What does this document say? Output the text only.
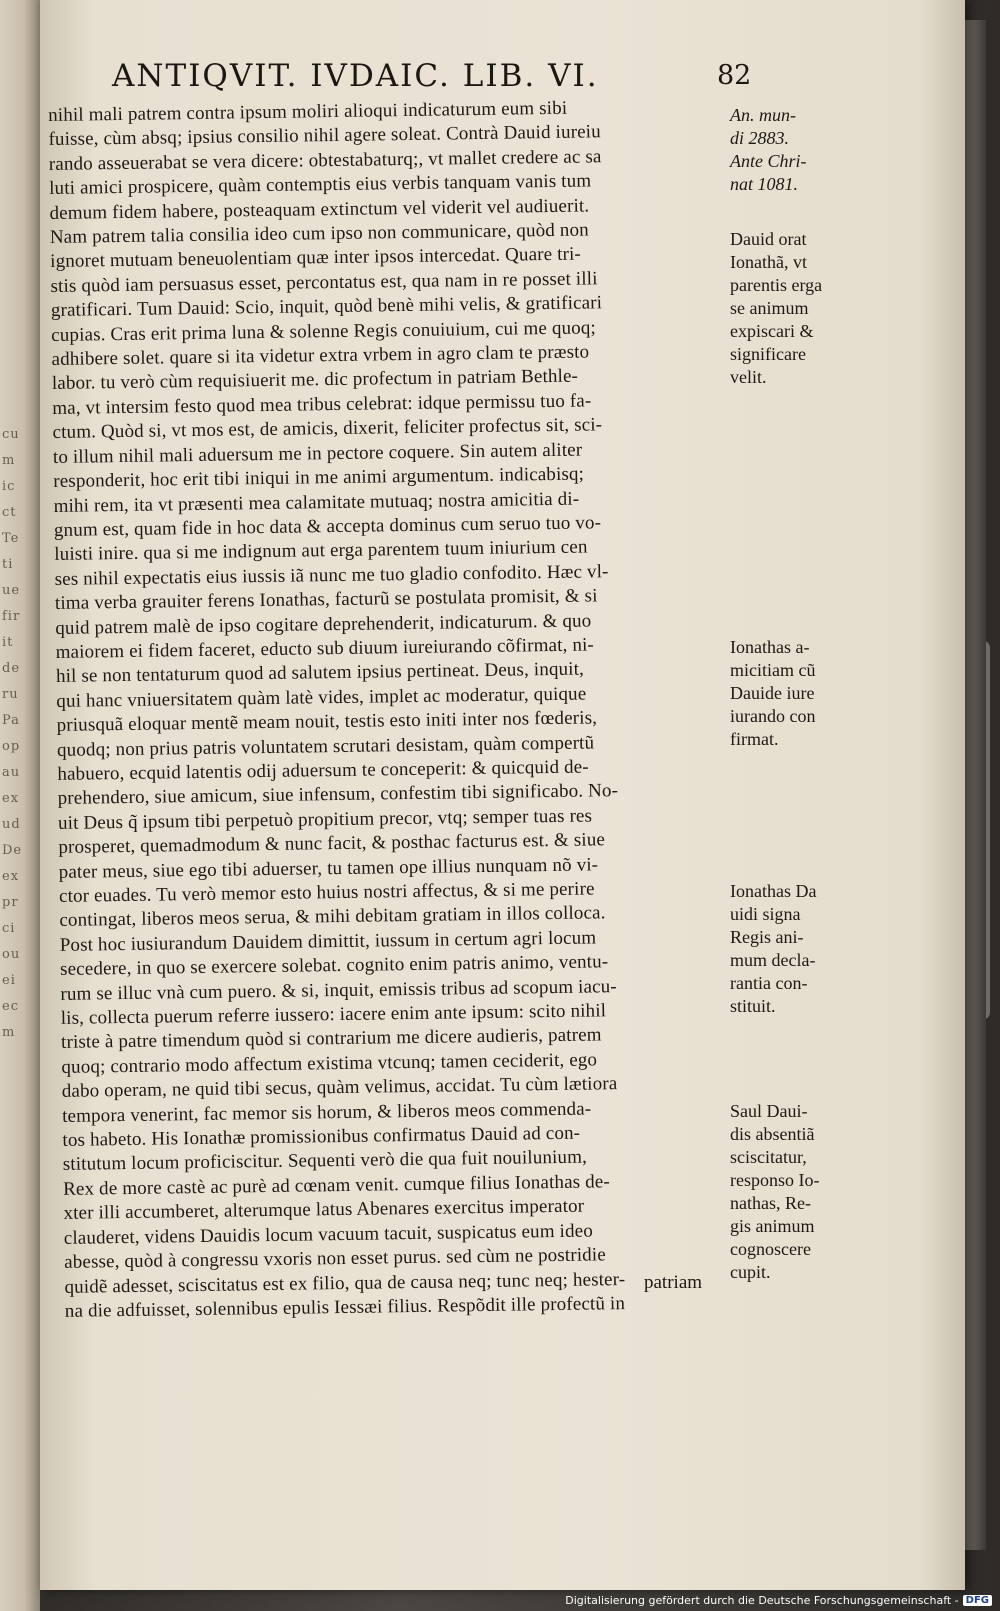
cu
m
ic
ct
Te
ti
ue
fir
it
de
ru
Pa
op
au
ex
ud
De
ex
pr
ci
ou
ei
ec
m
ANTIQVIT. IVDAIC. LIB. VI.	82
nihil mali patrem contra ipsum moliri alioqui indicaturum eum sibi
fuisse, cùm absq; ipsius consilio nihil agere soleat. Contrà Dauid iureiu
rando asseuerabat se vera dicere: obtestabaturq;, vt mallet credere ac sa
luti amici prospicere, quàm contemptis eius verbis tanquam vanis tum
demum fidem habere, posteaquam extinctum vel viderit vel audiuerit.
Nam patrem talia consilia ideo cum ipso non communicare, quòd non
ignoret mutuam beneuolentiam quæ inter ipsos intercedat. Quare tri-
stis quòd iam persuasus esset, percontatus est, qua nam in re posset illi
gratificari. Tum Dauid: Scio, inquit, quòd benè mihi velis, & gratificari
cupias. Cras erit prima luna & solenne Regis conuiuium, cui me quoq;
adhibere solet. quare si ita videtur extra vrbem in agro clam te præsto
labor. tu verò cùm requisiuerit me. dic profectum in patriam Bethle-
ma, vt intersim festo quod mea tribus celebrat: idque permissu tuo fa-
ctum. Quòd si, vt mos est, de amicis, dixerit, feliciter profectus sit, sci-
to illum nihil mali aduersum me in pectore coquere. Sin autem aliter
responderit, hoc erit tibi iniqui in me animi argumentum. indicabisq;
mihi rem, ita vt præsenti mea calamitate mutuaq; nostra amicitia di-
gnum est, quam fide in hoc data & accepta dominus cum seruo tuo vo-
luisti inire. qua si me indignum aut erga parentem tuum iniurium cen
ses nihil expectatis eius iussis iã nunc me tuo gladio confodito. Hæc vl-
tima verba grauiter ferens Ionathas, facturũ se postulata promisit, & si
quid patrem malè de ipso cogitare deprehenderit, indicaturum. & quo
maiorem ei fidem faceret, educto sub diuum iureiurando cõfirmat, ni-
hil se non tentaturum quod ad salutem ipsius pertineat. Deus, inquit,
qui hanc vniuersitatem quàm latè vides, implet ac moderatur, quique
priusquã eloquar mentẽ meam nouit, testis esto initi inter nos fœderis,
quodq; non prius patris voluntatem scrutari desistam, quàm compertũ
habuero, ecquid latentis odij aduersum te conceperit: & quicquid de-
prehendero, siue amicum, siue infensum, confestim tibi significabo. No-
uit Deus q̃ ipsum tibi perpetuò propitium precor, vtq; semper tuas res
prosperet, quemadmodum & nunc facit, & posthac facturus est. & siue
pater meus, siue ego tibi aduerser, tu tamen ope illius nunquam nõ vi-
ctor euades. Tu verò memor esto huius nostri affectus, & si me perire
contingat, liberos meos serua, & mihi debitam gratiam in illos colloca.
Post hoc iusiurandum Dauidem dimittit, iussum in certum agri locum
secedere, in quo se exercere solebat. cognito enim patris animo, ventu-
rum se illuc vnà cum puero. & si, inquit, emissis tribus ad scopum iacu-
lis, collecta puerum referre iussero: iacere enim ante ipsum: scito nihil
triste à patre timendum quòd si contrarium me dicere audieris, patrem
quoq; contrario modo affectum existima vtcunq; tamen ceciderit, ego
dabo operam, ne quid tibi secus, quàm velimus, accidat. Tu cùm lætiora
tempora venerint, fac memor sis horum, & liberos meos commenda-
tos habeto. His Ionathæ promissionibus confirmatus Dauid ad con-
stitutum locum proficiscitur. Sequenti verò die qua fuit nouilunium,
Rex de more castè ac purè ad cœnam venit. cumque filius Ionathas de-
xter illi accumberet, alterumque latus Abenares exercitus imperator
clauderet, videns Dauidis locum vacuum tacuit, suspicatus eum ideo
abesse, quòd à congressu vxoris non esset purus. sed cùm ne postridie
quidẽ adesset, sciscitatus est ex filio, qua de causa neq; tunc neq; hester-
na die adfuisset, solennibus epulis Iessæi filius. Respõdit ille profectũ in
patriam
An. mun-
di 2883.
Ante Chri-
nat 1081.
Dauid orat
Ionathã, vt
parentis erga
se animum
expiscari &
significare
velit.
Ionathas a-
micitiam cũ
Dauide iure
iurando con
firmat.
Ionathas Da
uidi signa
Regis ani-
mum decla-
rantia con-
stituit.
Saul Daui-
dis absentiã
sciscitatur,
responso Io-
nathas, Re-
gis animum
cognoscere
cupit.
Digitalisierung gefördert durch die Deutsche Forschungsgemeinschaft - DFG
